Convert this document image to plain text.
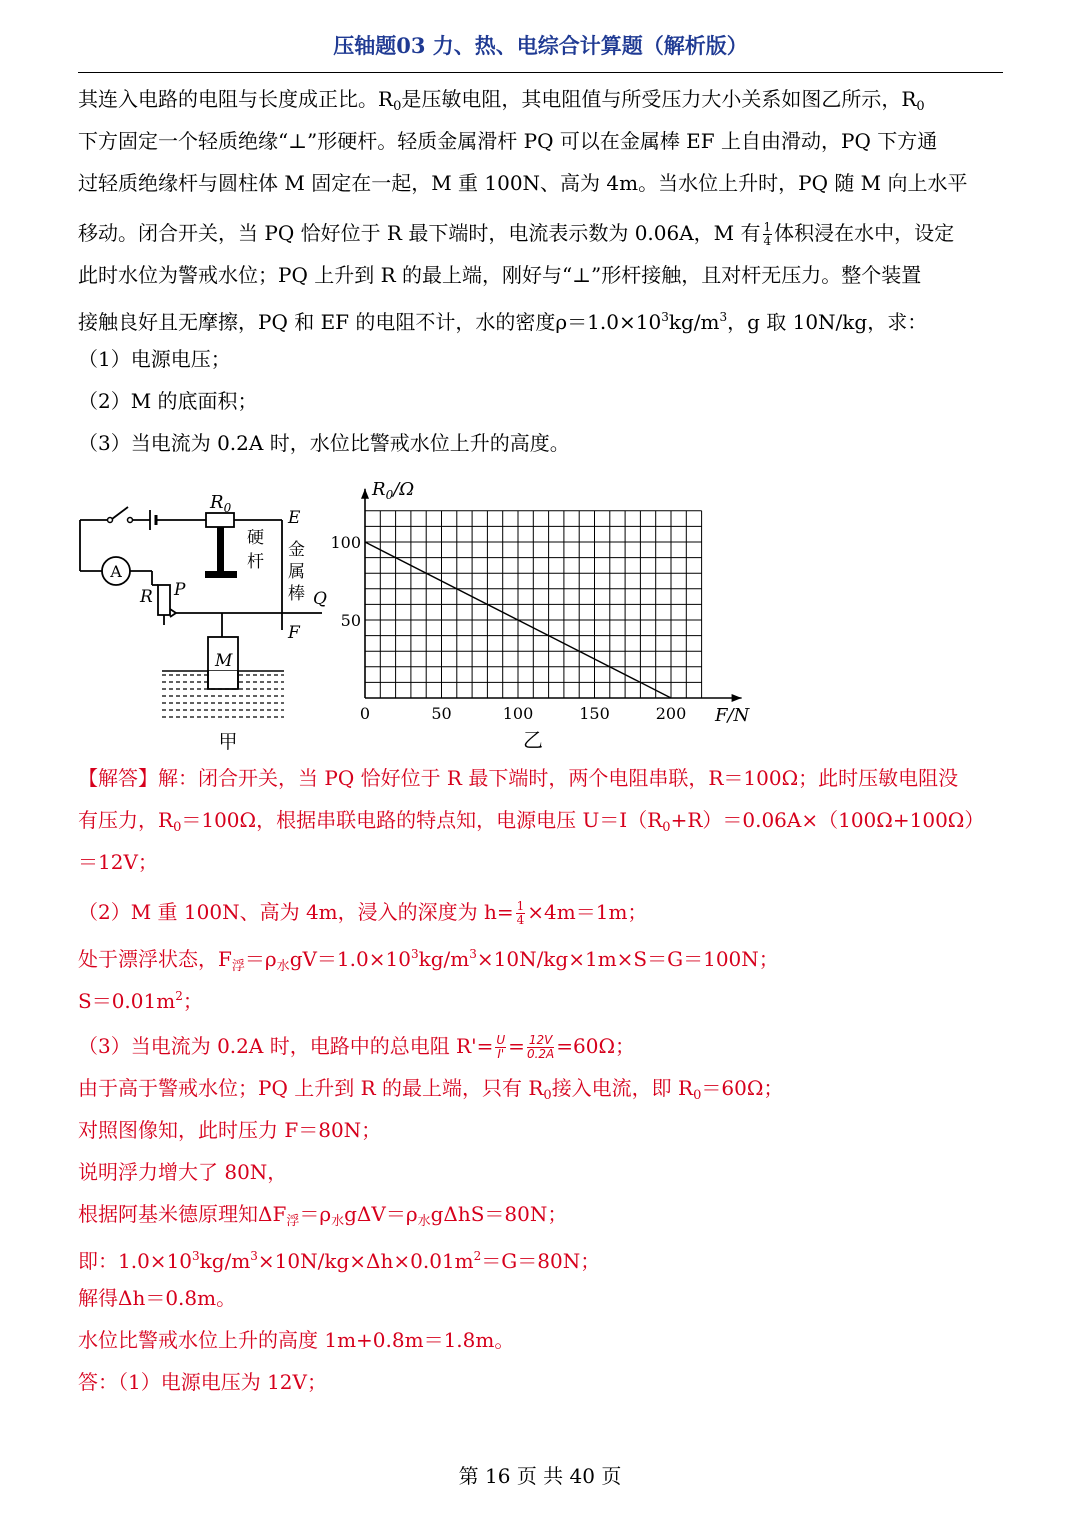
压轴题03 力、热、电综合计算题（解析版）
其连入电路的电阻与长度成正比。$R_0$是压敏电阻，其电阻值与所受压力大小关系如图乙所示，$R_0$
下方固定一个轻质绝缘“⊥”形硬杆。轻质金属滑杆 PQ 可以在金属棒 EF 上自由滑动，PQ 下方通
过轻质绝缘杆与圆柱体 M 固定在一起，M 重 100N、高为 4m。当水位上升时，PQ 随 M 向上水平
移动。闭合开关，当 PQ 恰好位于 R 最下端时，电流表示数为 0.06A，M 有 $\frac{1}{4}$ 体积浸在水中，设定
此时水位为警戒水位；PQ 上升到 R 的最上端，刚好与“⊥”形杆接触，且对杆无压力。整个装置
接触良好且无摩擦，PQ 和 EF 的电阻不计，水的密度$\rho=1.0\times 10^3kg/m^3$，g 取 10N/kg，求：
（1）电源电压；
（2）M 的底面积；
（3）当电流为 0.2A 时，水位比警戒水位上升的高度。
A
$R_0$
硬
杆
E
金
属
棒 Q
F
P
R
M
甲
0	50	100	150	200
50
100
$R_0/\Omega$
F/N
乙
【解答】解：闭合开关，当 PQ 恰好位于 R 最下端时，两个电阻串联，R＝100Ω；此时压敏电阻没
有压力，$R_0=100\Omega$，根据串联电路的特点知，电源电压 $U=I(R_0+R)=0.06A\times(100\Omega+100\Omega)$
＝12V；
（2）M 重 100N、高为 4m，浸入的深度为 $h= \frac{1}{4} \times 4m=1m$；
处于漂浮状态，$F_浮=\rho_水gV=1.0\times 10^3kg/m^3\times 10N/kg\times 1m\times S=G=100N$；
$S=0.01m^2$；
（3）当电流为 0.2A 时，电路中的总电阻 $R'= \frac{U}{I'} = \frac{12V}{0.2A} =60\Omega$；
由于高于警戒水位；PQ 上升到 R 的最上端，只有 $R_0$接入电流，即 $R_0=60\Omega$；
对照图像知，此时压力 F＝80N；
说明浮力增大了 80N，
根据阿基米德原理知$\Delta F_浮=\rho_水g\Delta V=\rho_水g\Delta hS=80N$；
即：$1.0\times 10^3kg/m^3\times 10N/kg\times\Delta h\times 0.01m^2=G=80N$；
解得Δh＝0.8m。
水位比警戒水位上升的高度 1m+0.8m＝1.8m。
答：（1）电源电压为 12V；
第 16 页 共 40 页
